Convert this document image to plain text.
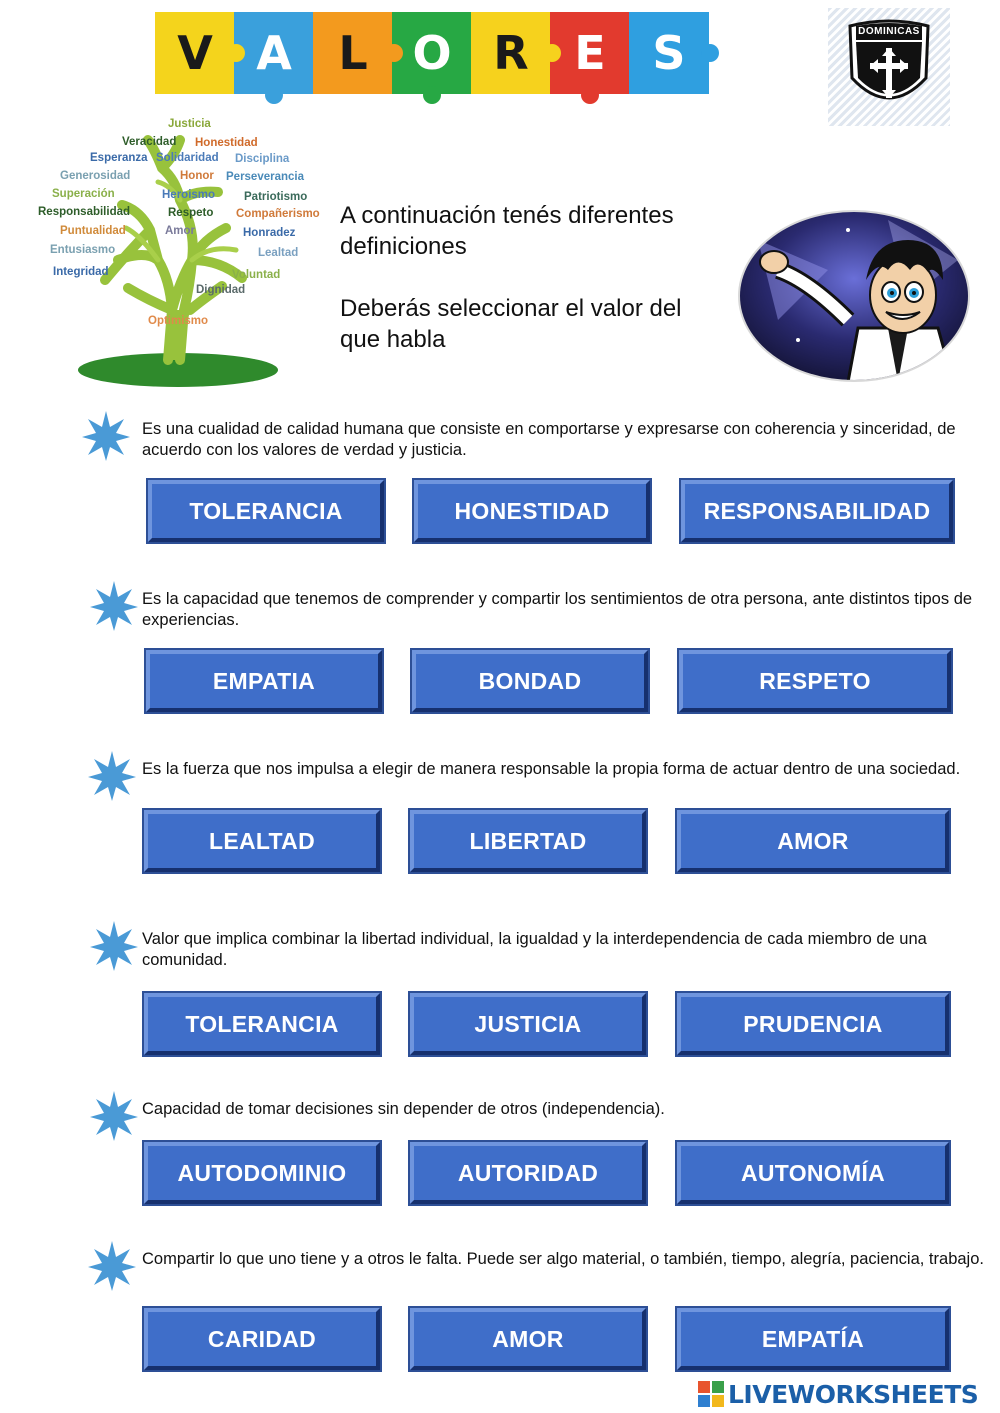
V A L O R E S	DOMINICAS
Justicia
Veracidad Honestidad
Esperanza Solidaridad Disciplina
Generosidad	Honor Perseverancia
Superación	Heroismo	Patriotismo
Responsabilidad	Respeto Compañerismo
Puntualidad	Amor	Honradez
Entusiasmo	Lealtad
Integridad	Voluntad
Dignidad
Optimismo

A continuación tenés diferentes definiciones

Deberás seleccionar el valor del que habla

Es una cualidad de calidad humana que consiste en comportarse y expresarse con coherencia y sinceridad, de acuerdo con los valores de verdad y justicia.
TOLERANCIA	HONESTIDAD	RESPONSABILIDAD
Es la capacidad que tenemos de comprender y compartir los sentimientos de otra persona, ante distintos tipos de experiencias.
EMPATIA	BONDAD	RESPETO
Es la fuerza que nos impulsa a elegir de manera responsable la propia forma de actuar dentro de una sociedad.
LEALTAD	LIBERTAD	AMOR
Valor que implica combinar la libertad individual, la igualdad y la interdependencia de cada miembro de una comunidad.
TOLERANCIA	JUSTICIA	PRUDENCIA
Capacidad de tomar decisiones sin depender de otros (independencia).
AUTODOMINIO	AUTORIDAD	AUTONOMÍA
Compartir lo que uno tiene y a otros le falta. Puede ser algo material, o también, tiempo, alegría, paciencia, trabajo.
CARIDAD	AMOR	EMPATÍA
LIVEWORKSHEETS
